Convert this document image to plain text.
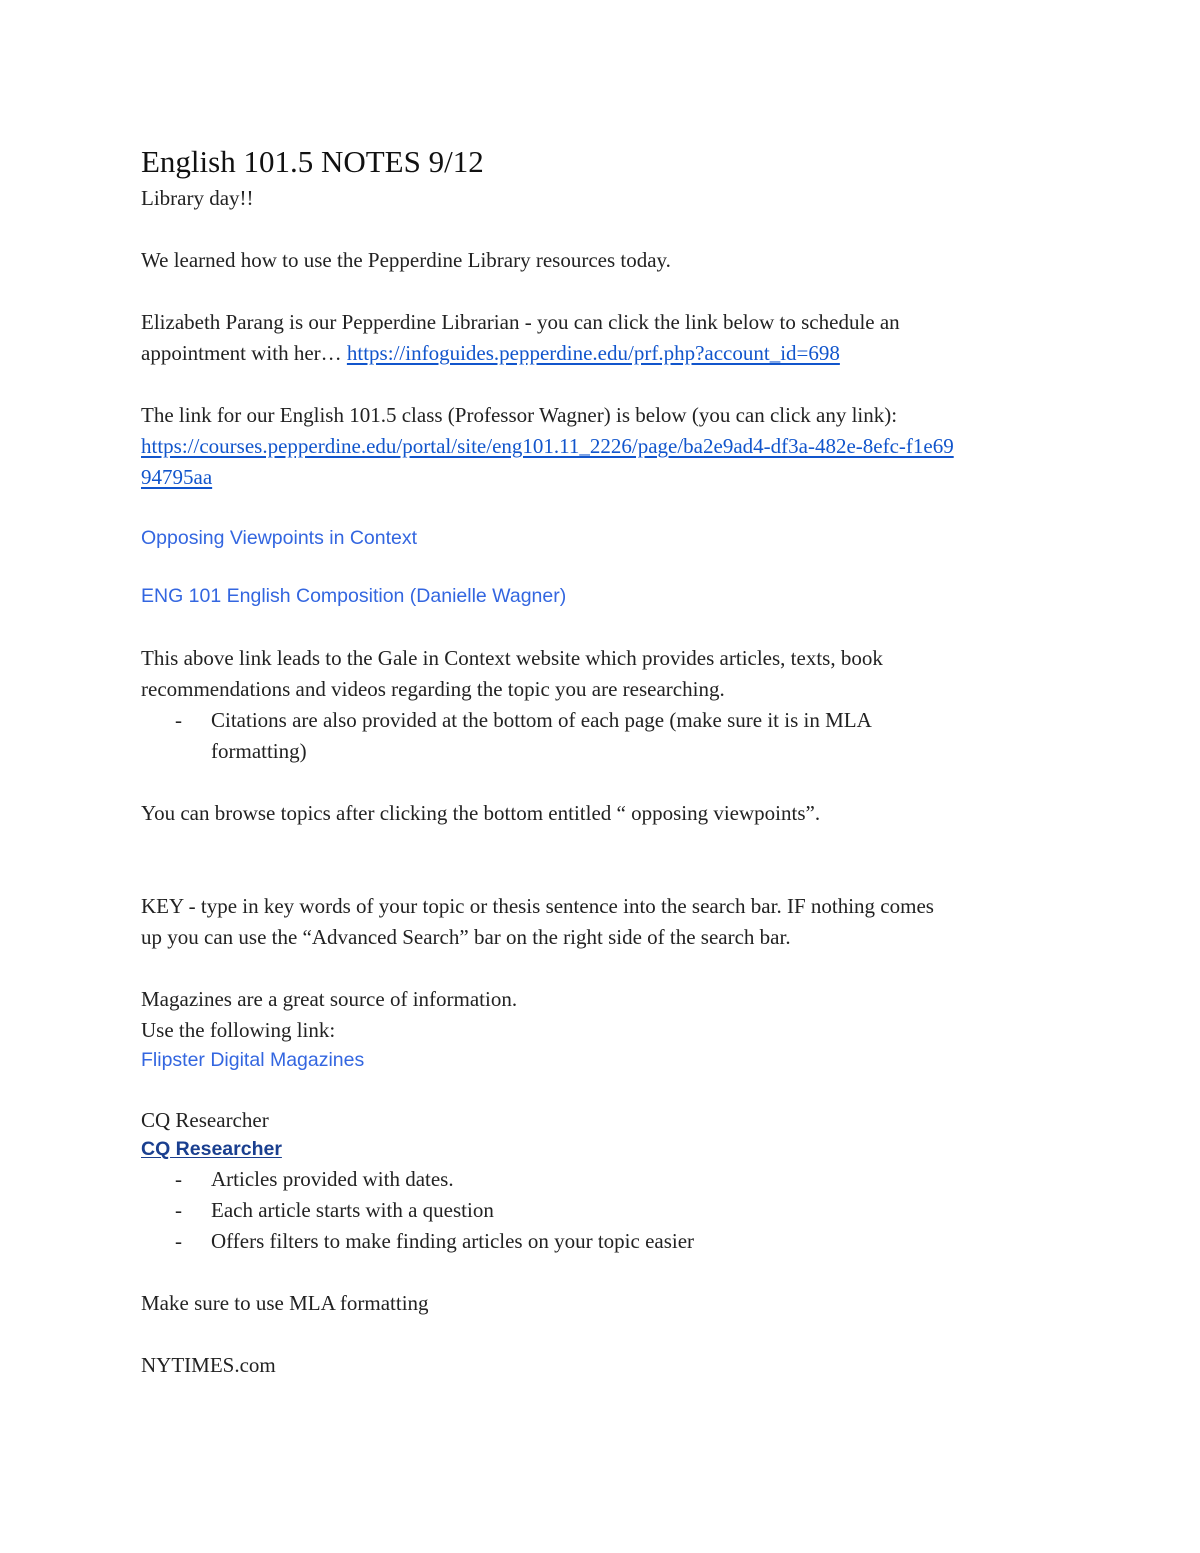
English 101.5 NOTES 9/12
Library day!!
We learned how to use the Pepperdine Library resources today.
Elizabeth Parang is our Pepperdine Librarian - you can click the link below to schedule an
appointment with her… https://infoguides.pepperdine.edu/prf.php?account_id=698
The link for our English 101.5 class (Professor Wagner) is below (you can click any link):
https://courses.pepperdine.edu/portal/site/eng101.11_2226/page/ba2e9ad4-df3a-482e-8efc-f1e69
94795aa
Opposing Viewpoints in Context
ENG 101 English Composition (Danielle Wagner)
This above link leads to the Gale in Context website which provides articles, texts, book
recommendations and videos regarding the topic you are researching.
- Citations are also provided at the bottom of each page (make sure it is in MLA
formatting)
You can browse topics after clicking the bottom entitled “ opposing viewpoints”.
KEY - type in key words of your topic or thesis sentence into the search bar. IF nothing comes
up you can use the “Advanced Search” bar on the right side of the search bar.
Magazines are a great source of information.
Use the following link:
Flipster Digital Magazines
CQ Researcher
CQ Researcher
- Articles provided with dates.
- Each article starts with a question
- Offers filters to make finding articles on your topic easier
Make sure to use MLA formatting
NYTIMES.com
